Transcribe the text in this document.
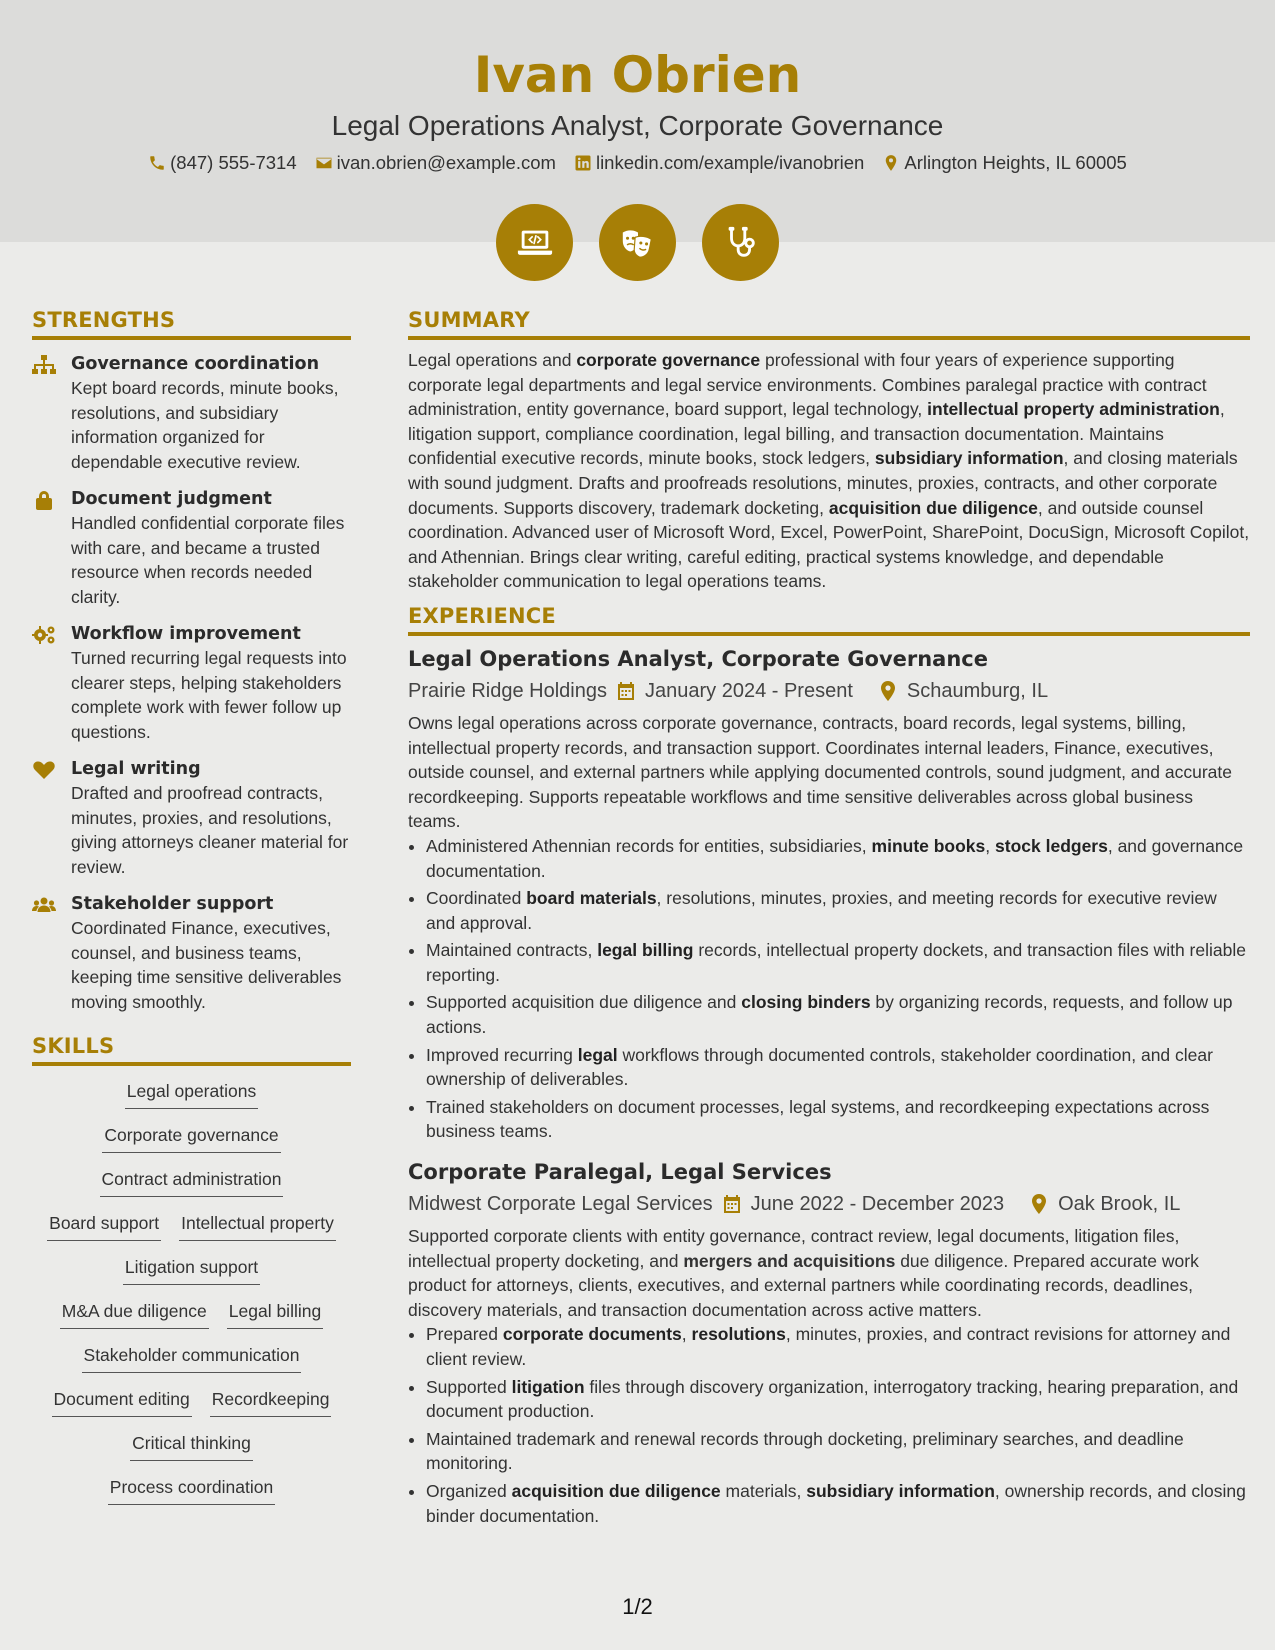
Ivan Obrien
Legal Operations Analyst, Corporate Governance
(847) 555-7314 ivan.obrien@example.com linkedin.com/example/ivanobrien Arlington Heights, IL 60005
STRENGTHS
Governance coordination

Kept board records, minute books, resolutions, and subsidiary information organized for dependable executive review.

Document judgment

Handled confidential corporate files with care, and became a trusted resource when records needed clarity.

Workflow improvement

Turned recurring legal requests into clearer steps, helping stakeholders complete work with fewer follow up questions.

Legal writing

Drafted and proofread contracts, minutes, proxies, and resolutions, giving attorneys cleaner material for review.

Stakeholder support

Coordinated Finance, executives, counsel, and business teams, keeping time sensitive deliverables moving smoothly.

SKILLS
Legal operations
Corporate governance
Contract administration
Board support Intellectual property
Litigation support
M&A due diligence Legal billing
Stakeholder communication
Document editing Recordkeeping
Critical thinking
Process coordination
SUMMARY

Legal operations and corporate governance professional with four years of experience supporting corporate legal departments and legal service environments. Combines paralegal practice with contract administration, entity governance, board support, legal technology, intellectual property administration, litigation support, compliance coordination, legal billing, and transaction documentation. Maintains confidential executive records, minute books, stock ledgers, subsidiary information, and closing materials with sound judgment. Drafts and proofreads resolutions, minutes, proxies, contracts, and other corporate documents. Supports discovery, trademark docketing, acquisition due diligence, and outside counsel coordination. Advanced user of Microsoft Word, Excel, PowerPoint, SharePoint, DocuSign, Microsoft Copilot, and Athennian. Brings clear writing, careful editing, practical systems knowledge, and dependable stakeholder communication to legal operations teams.

EXPERIENCE
Legal Operations Analyst, Corporate Governance
Prairie Ridge Holdings January 2024 - Present	Schaumburg, IL

Owns legal operations across corporate governance, contracts, board records, legal systems, billing, intellectual property records, and transaction support. Coordinates internal leaders, Finance, executives, outside counsel, and external partners while applying documented controls, sound judgment, and accurate recordkeeping. Supports repeatable workflows and time sensitive deliverables across global business teams.

• Administered Athennian records for entities, subsidiaries, minute books, stock ledgers, and governance documentation.
• Coordinated board materials, resolutions, minutes, proxies, and meeting records for executive review and approval.
• Maintained contracts, legal billing records, intellectual property dockets, and transaction files with reliable reporting.
• Supported acquisition due diligence and closing binders by organizing records, requests, and follow up actions.
• Improved recurring legal workflows through documented controls, stakeholder coordination, and clear ownership of deliverables.
• Trained stakeholders on document processes, legal systems, and recordkeeping expectations across business teams.
Corporate Paralegal, Legal Services
Midwest Corporate Legal Services June 2022 - December 2023	Oak Brook, IL

Supported corporate clients with entity governance, contract review, legal documents, litigation files, intellectual property docketing, and mergers and acquisitions due diligence. Prepared accurate work product for attorneys, clients, executives, and external partners while coordinating records, deadlines, discovery materials, and transaction documentation across active matters.

• Prepared corporate documents, resolutions, minutes, proxies, and contract revisions for attorney and client review.
• Supported litigation files through discovery organization, interrogatory tracking, hearing preparation, and document production.
• Maintained trademark and renewal records through docketing, preliminary searches, and deadline monitoring.
• Organized acquisition due diligence materials, subsidiary information, ownership records, and closing binder documentation.
1/2
